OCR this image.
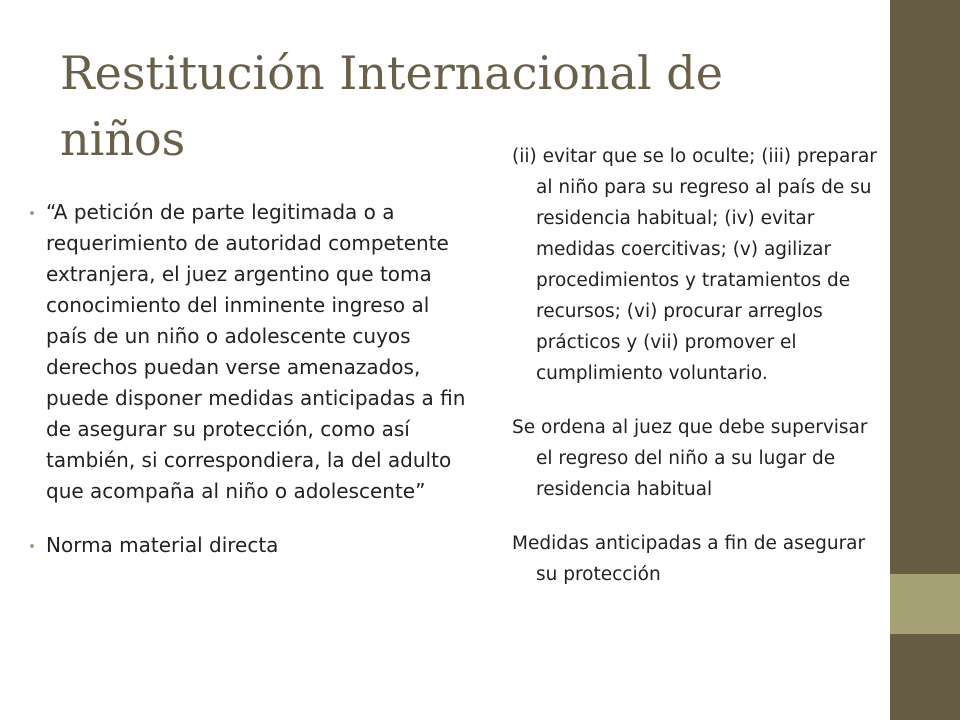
Restitución Internacional de niños
“A petición de parte legitimada o a requerimiento de autoridad competente extranjera, el juez argentino que toma conocimiento del inminente ingreso al país de un niño o adolescente cuyos derechos puedan verse amenazados, puede disponer medidas anticipadas a fin de asegurar su protección, como así también, si correspondiera, la del adulto que acompaña al niño o adolescente”
Norma material directa
(ii) evitar que se lo oculte; (iii) preparar al niño para su regreso al país de su residencia habitual; (iv) evitar medidas coercitivas; (v) agilizar procedimientos y tratamientos de recursos; (vi) procurar arreglos prácticos y (vii) promover el cumplimiento voluntario.
Se ordena al juez que debe supervisar el regreso del niño a su lugar de residencia habitual
Medidas anticipadas a fin de asegurar su protección
